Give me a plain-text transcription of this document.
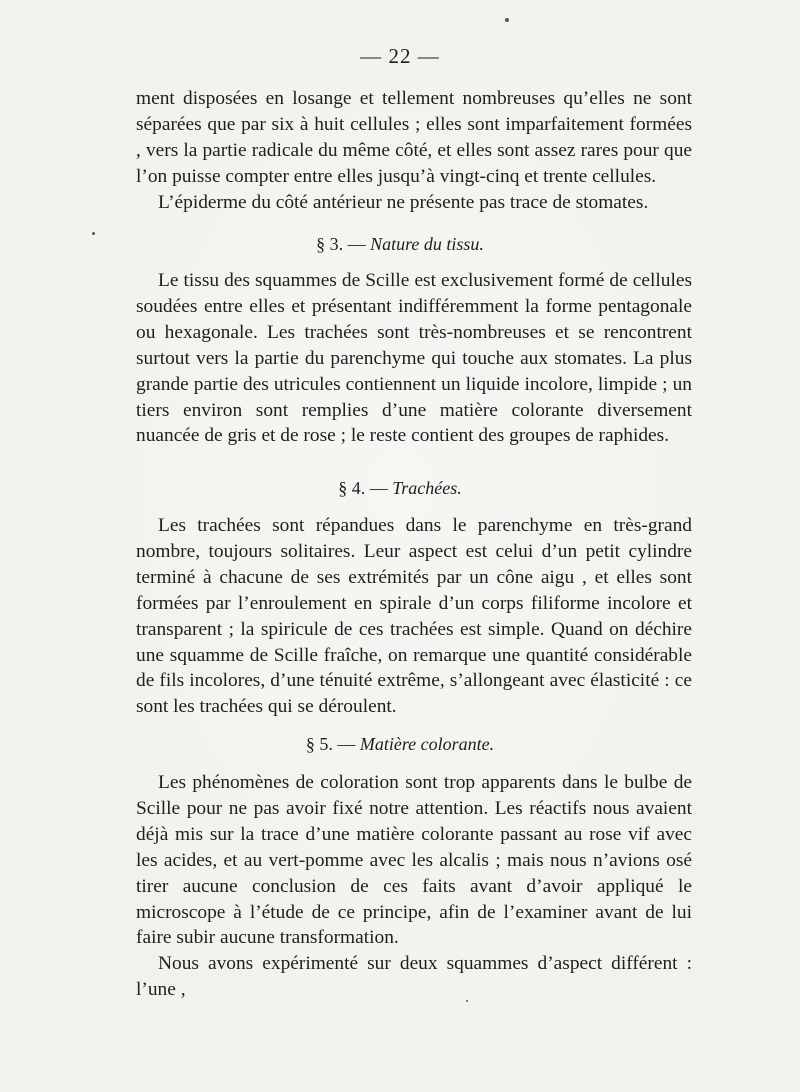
— 22 —

ment disposées en losange et tellement nombreuses qu’elles ne sont séparées que par six à huit cellules ; elles sont imparfaitement formées , vers la partie radicale du même côté, et elles sont assez rares pour que l’on puisse compter entre elles jusqu’à vingt-cinq et trente cellules.

L’épiderme du côté antérieur ne présente pas trace de stomates.

§ 3. — Nature du tissu.

Le tissu des squammes de Scille est exclusivement formé de cellules soudées entre elles et présentant indifféremment la forme pentagonale ou hexagonale. Les trachées sont très-nombreuses et se rencontrent surtout vers la partie du parenchyme qui touche aux stomates. La plus grande partie des utricules contiennent un liquide incolore, limpide ; un tiers environ sont remplies d’une matière colorante diversement nuancée de gris et de rose ; le reste contient des groupes de raphides.

§ 4. — Trachées.

Les trachées sont répandues dans le parenchyme en très-grand nombre, toujours solitaires. Leur aspect est celui d’un petit cylindre terminé à chacune de ses extrémités par un cône aigu , et elles sont formées par l’enroulement en spirale d’un corps filiforme incolore et transparent ; la spiricule de ces trachées est simple. Quand on déchire une squamme de Scille fraîche, on remarque une quantité considérable de fils incolores, d’une ténuité extrême, s’allongeant avec élasticité : ce sont les trachées qui se déroulent.

§ 5. — Matière colorante.

Les phénomènes de coloration sont trop apparents dans le bulbe de Scille pour ne pas avoir fixé notre attention. Les réactifs nous avaient déjà mis sur la trace d’une matière colorante passant au rose vif avec les acides, et au vert-pomme avec les alcalis ; mais nous n’avions osé tirer aucune conclusion de ces faits avant d’avoir appliqué le microscope à l’étude de ce principe, afin de l’examiner avant de lui faire subir aucune transformation.

Nous avons expérimenté sur deux squammes d’aspect différent : l’une ,
